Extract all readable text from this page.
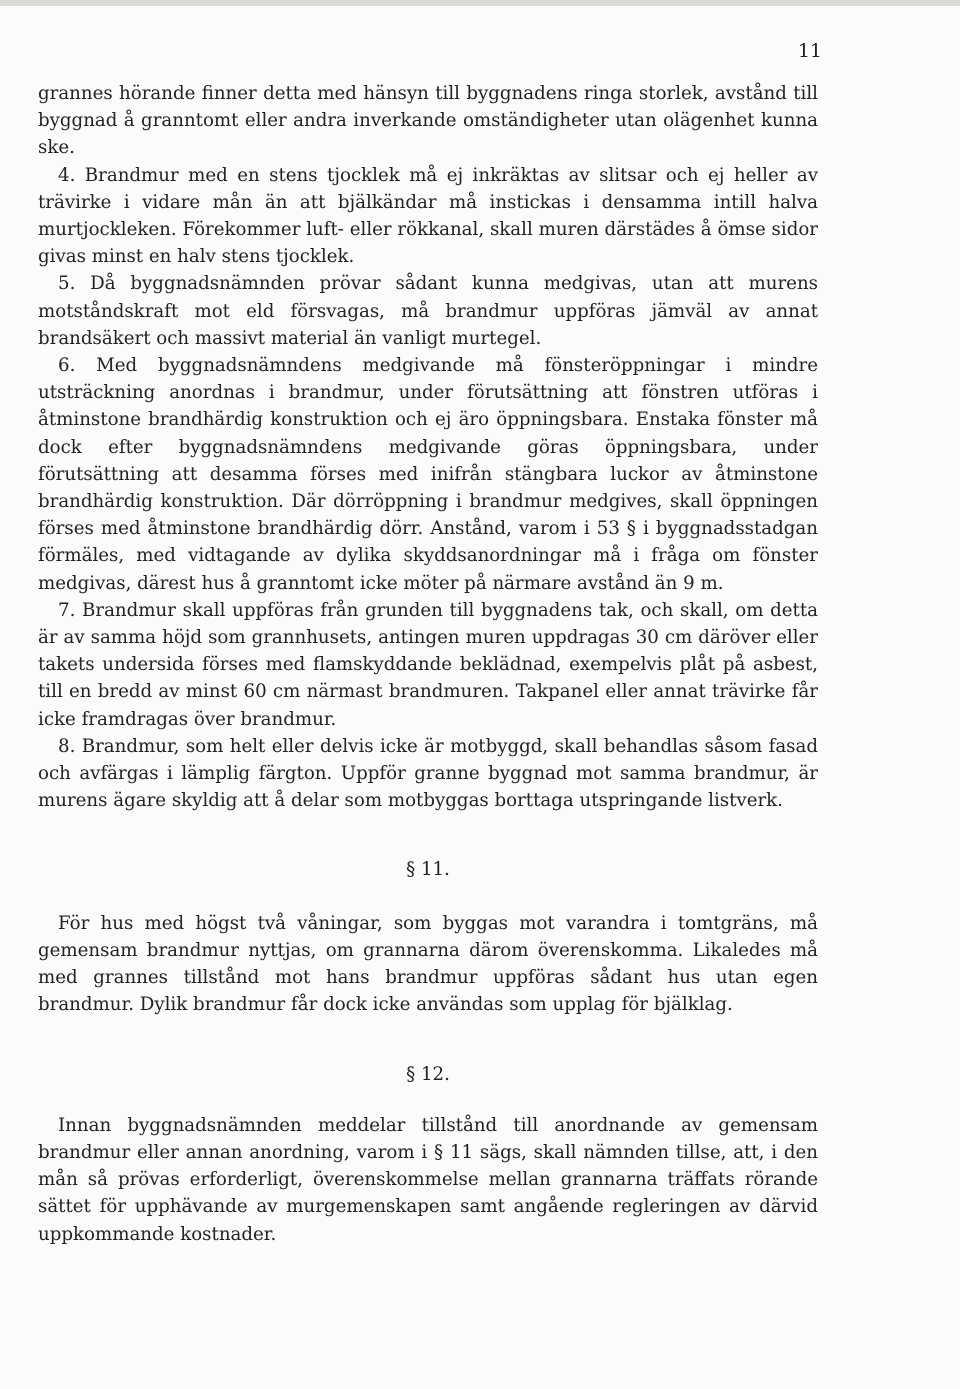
11

grannes hörande finner detta med hänsyn till byggnadens ringa storlek, avstånd till byggnad å granntomt eller andra inverkande omständigheter utan olägenhet kunna ske.

4. Brandmur med en stens tjocklek må ej inkräktas av slitsar och ej heller av trävirke i vidare mån än att bjälkändar må instickas i densamma intill halva murtjockleken. Förekommer luft- eller rökkanal, skall muren därstädes å ömse sidor givas minst en halv stens tjocklek.

5. Då byggnadsnämnden prövar sådant kunna medgivas, utan att murens motståndskraft mot eld försvagas, må brandmur uppföras jämväl av annat brandsäkert och massivt material än vanligt murtegel.

6. Med byggnadsnämndens medgivande må fönsteröppningar i mindre utsträckning anordnas i brandmur, under förutsättning att fönstren utföras i åtminstone brandhärdig konstruktion och ej äro öppningsbara. Enstaka fönster må dock efter byggnadsnämndens medgivande göras öppningsbara, under förutsättning att desamma förses med inifrån stängbara luckor av åtminstone brandhärdig konstruktion. Där dörröppning i brandmur medgives, skall öppningen förses med åtminstone brandhärdig dörr. Anstånd, varom i 53 § i byggnadsstadgan förmäles, med vidtagande av dylika skyddsanordningar må i fråga om fönster medgivas, därest hus å granntomt icke möter på närmare avstånd än 9 m.

7. Brandmur skall uppföras från grunden till byggnadens tak, och skall, om detta är av samma höjd som grannhusets, antingen muren uppdragas 30 cm däröver eller takets undersida förses med flamskyddande beklädnad, exempelvis plåt på asbest, till en bredd av minst 60 cm närmast brandmuren. Takpanel eller annat trävirke får icke framdragas över brandmur.

8. Brandmur, som helt eller delvis icke är motbyggd, skall behandlas såsom fasad och avfärgas i lämplig färgton. Uppför granne byggnad mot samma brandmur, är murens ägare skyldig att å delar som motbyggas borttaga utspringande listverk.

§ 11.

För hus med högst två våningar, som byggas mot varandra i tomtgräns, må gemensam brandmur nyttjas, om grannarna därom överenskomma. Likaledes må med grannes tillstånd mot hans brandmur uppföras sådant hus utan egen brandmur. Dylik brandmur får dock icke användas som upplag för bjälklag.

§ 12.

Innan byggnadsnämnden meddelar tillstånd till anordnande av gemensam brandmur eller annan anordning, varom i § 11 sägs, skall nämnden tillse, att, i den mån så prövas erforderligt, överenskommelse mellan grannarna träffats rörande sättet för upphävande av murgemenskapen samt angående regleringen av därvid uppkommande kostnader.
